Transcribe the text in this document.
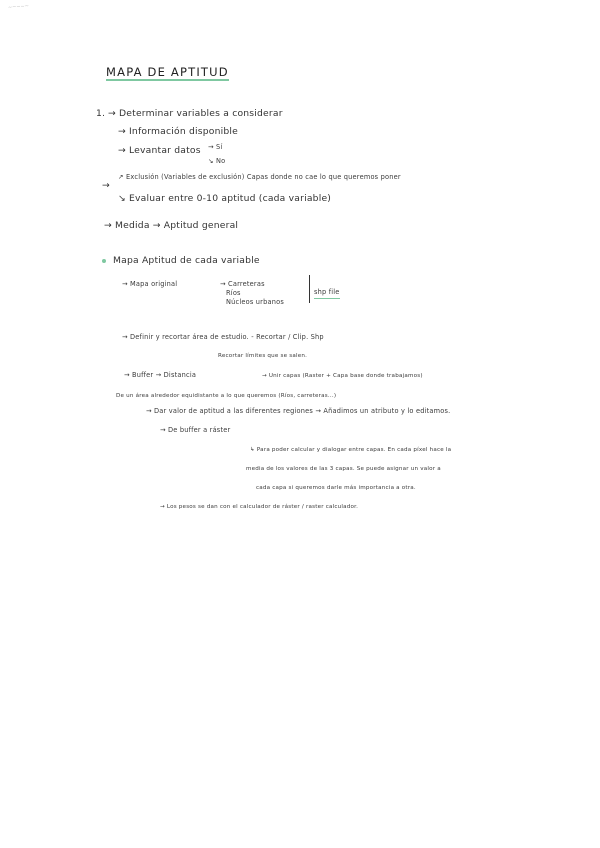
~~~~~
MAPA DE APTITUD
1. → Determinar variables a considerar
→ Información disponible
→ Levantar datos → Sí
↘ No
→
↗ Exclusión (Variables de exclusión) Capas donde no cae lo que queremos poner
↘ Evaluar entre 0-10 aptitud (cada variable)
→ Medida → Aptitud general
Mapa Aptitud de cada variable
→ Mapa original	→ Carreteras
Ríos
Núcleos urbanos
shp file
→ Definir y recortar área de estudio. - Recortar / Clip. Shp
Recortar límites que se salen.
→ Buffer → Distancia	→ Unir capas (Raster + Capa base donde trabajamos)
De un área alrededor equidistante a lo que queremos (Ríos, carreteras...)
→ Dar valor de aptitud a las diferentes regiones → Añadimos un atributo y lo editamos.
→ De buffer a ráster
↳ Para poder calcular y dialogar entre capas. En cada píxel hace la
media de los valores de las 3 capas. Se puede asignar un valor a
cada capa si queremos darle más importancia a otra.
→ Los pesos se dan con el calculador de ráster / raster calculador.
